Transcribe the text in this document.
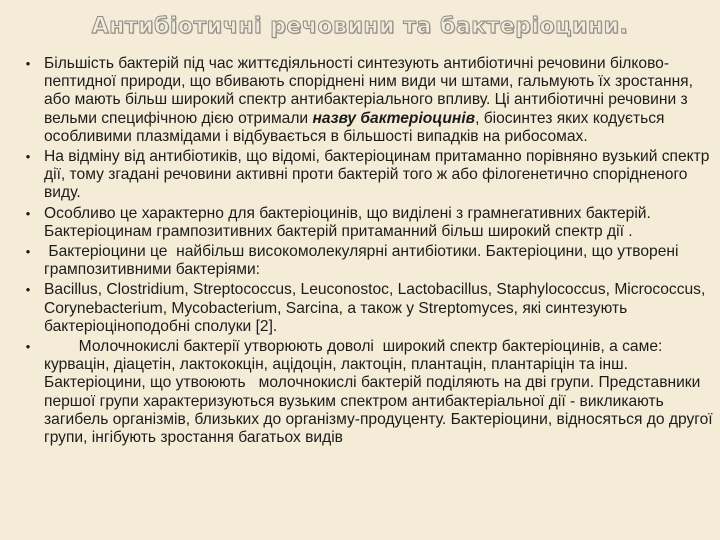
Антибіотичні речовини та бактеріоцини.
• Більшість бактерій під час життєдіяльності синтезують антибіотичні речовини білково-пептидної природи, що вбивають споріднені ним види чи штами, гальмують їх зростання, або мають більш широкий спектр антибактеріального впливу. Ці антибіотичні речовини з вельми специфічною дією отримали назву бактеріоцинів, біосинтез яких кодується особливими плазмідами і відбувається в більшості випадків на рибосомах.
• На відміну від антибіотиків, що відомі, бактеріоцинам притаманно порівняно вузький спектр дії, тому згадані речовини активні проти бактерій того ж або філогенетично спорідненого виду.
• Особливо це характерно для бактеріоцинів, що виділені з грамнегативних бактерій. Бактеріоцинам грампозитивних бактерій притаманний більш широкий спектр дії .
• Бактеріоцини це  найбільш високомолекулярні антибіотики. Бактеріоцини, що утворені грампозитивними бактеріями:
• Bacillus, Clostridium, Streptococcus, Leuconostoc, Lactobacillus, Staphylococcus, Micrococcus, Corynebacterium, Mycobacterium, Sarcina, а також у Streptomyces, які синтезують бактеріоціноподобні сполуки [2].
• Молочнокислі бактерії утворюють доволі  широкий спектр бактеріоцинів, а саме: курвацін, діацетін, лактококцін, ацідоцін, лактоцін, плантацін, плантаріцін та інш. Бактеріоцини, що утвоюють   молочнокислі бактерій поділяють на дві групи. Представники першої групи характеризуються вузьким спектром антибактеріальної дії - викликають загибель організмів, близьких до організму-продуценту. Бактеріоцини, відносяться до другої групи, інгібують зростання багатьох видів
